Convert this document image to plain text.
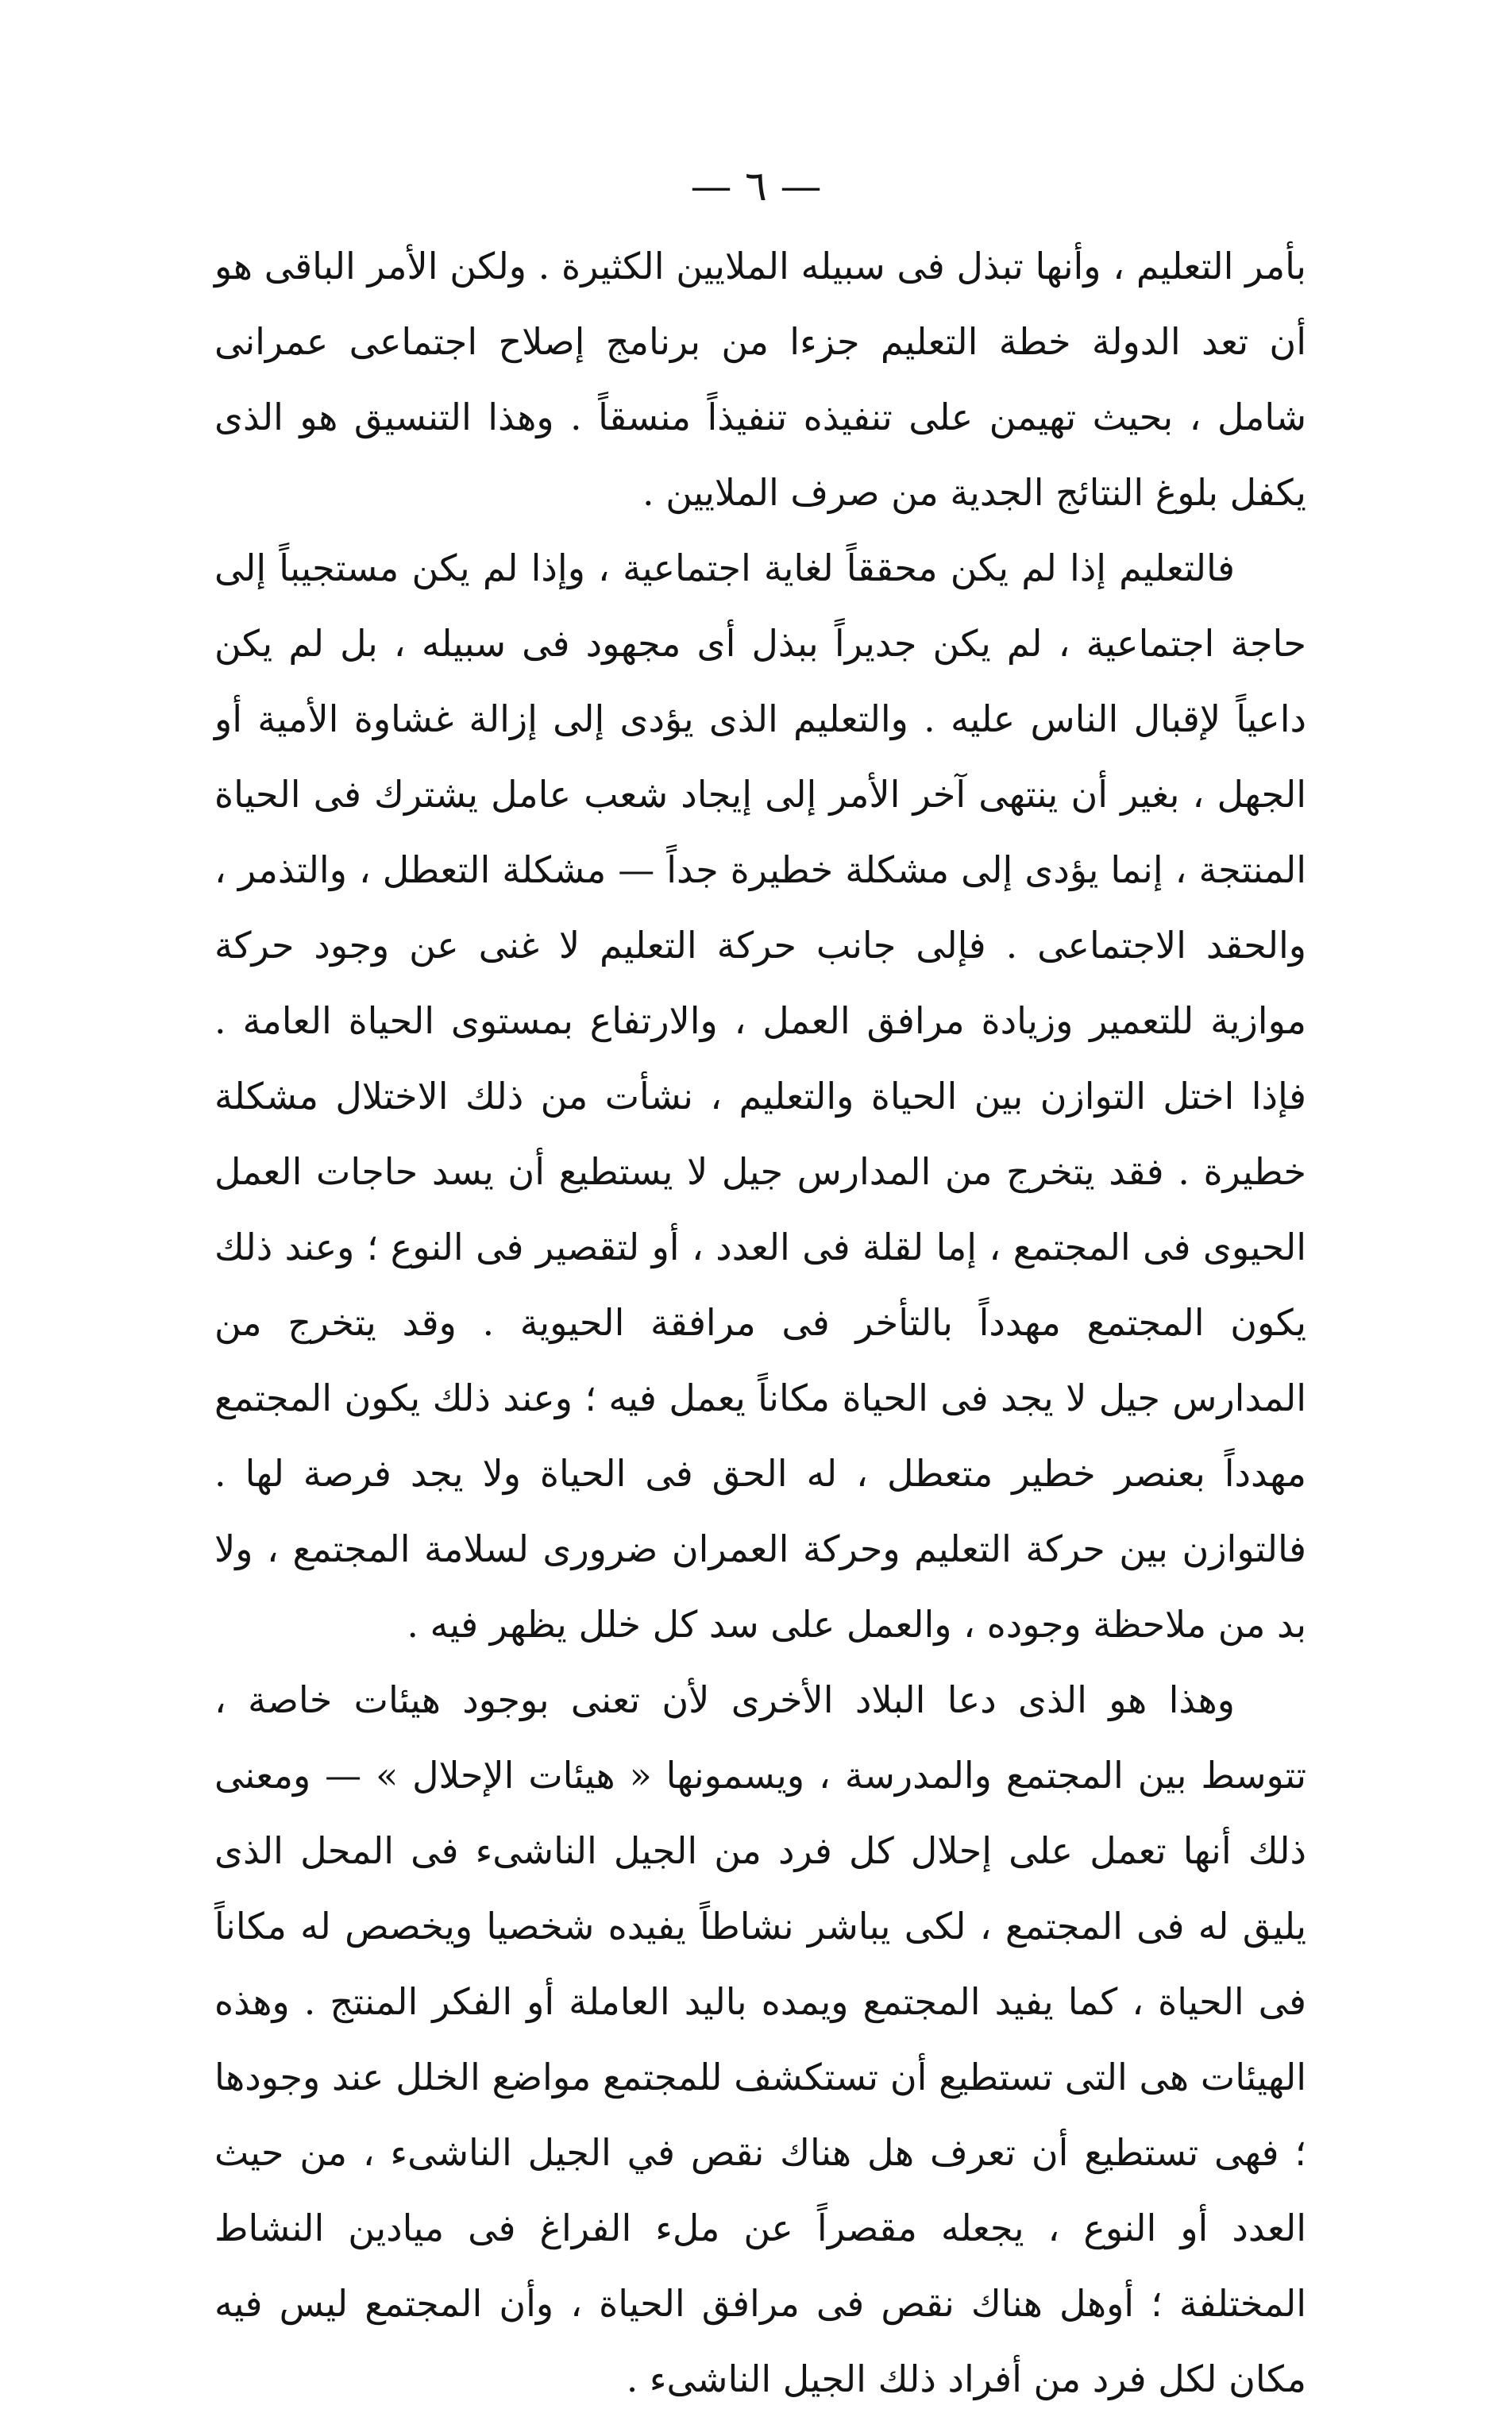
— ٦ —

بأمر التعليم ، وأنها تبذل فى سبيله الملايين الكثيرة . ولكن الأمر الباقى هو أن تعد الدولة خطة التعليم جزءا من برنامج إصلاح اجتماعى عمرانى شامل ، بحيث تهيمن على تنفيذه تنفيذاً منسقاً . وهذا التنسيق هو الذى يكفل بلوغ النتائج الجدية من صرف الملايين .

فالتعليم إذا لم يكن محققاً لغاية اجتماعية ، وإذا لم يكن مستجيباً إلى حاجة اجتماعية ، لم يكن جديراً ببذل أى مجهود فى سبيله ، بل لم يكن داعياً لإقبال الناس عليه . والتعليم الذى يؤدى إلى إزالة غشاوة الأمية أو الجهل ، بغير أن ينتهى آخر الأمر إلى إيجاد شعب عامل يشترك فى الحياة المنتجة ، إنما يؤدى إلى مشكلة خطيرة جداً — مشكلة التعطل ، والتذمر ، والحقد الاجتماعى . فإلى جانب حركة التعليم لا غنى عن وجود حركة موازية للتعمير وزيادة مرافق العمل ، والارتفاع بمستوى الحياة العامة . فإذا اختل التوازن بين الحياة والتعليم ، نشأت من ذلك الاختلال مشكلة خطيرة . فقد يتخرج من المدارس جيل لا يستطيع أن يسد حاجات العمل الحيوى فى المجتمع ، إما لقلة فى العدد ، أو لتقصير فى النوع ؛ وعند ذلك يكون المجتمع مهدداً بالتأخر فى مرافقة الحيوية . وقد يتخرج من المدارس جيل لا يجد فى الحياة مكاناً يعمل فيه ؛ وعند ذلك يكون المجتمع مهدداً بعنصر خطير متعطل ، له الحق فى الحياة ولا يجد فرصة لها . فالتوازن بين حركة التعليم وحركة العمران ضرورى لسلامة المجتمع ، ولا بد من ملاحظة وجوده ، والعمل على سد كل خلل يظهر فيه .

وهذا هو الذى دعا البلاد الأخرى لأن تعنى بوجود هيئات خاصة ، تتوسط بين المجتمع والمدرسة ، ويسمونها « هيئات الإحلال » — ومعنى ذلك أنها تعمل على إحلال كل فرد من الجيل الناشىء فى المحل الذى يليق له فى المجتمع ، لكى يباشر نشاطاً يفيده شخصيا ويخصص له مكاناً فى الحياة ، كما يفيد المجتمع ويمده باليد العاملة أو الفكر المنتج . وهذه الهيئات هى التى تستطيع أن تستكشف للمجتمع مواضع الخلل عند وجودها ؛ فهى تستطيع أن تعرف هل هناك نقص في الجيل الناشىء ، من حيث العدد أو النوع ، يجعله مقصراً عن ملء الفراغ فى ميادين النشاط المختلفة ؛ أوهل هناك نقص فى مرافق الحياة ، وأن المجتمع ليس فيه مكان لكل فرد من أفراد ذلك الجيل الناشىء .
